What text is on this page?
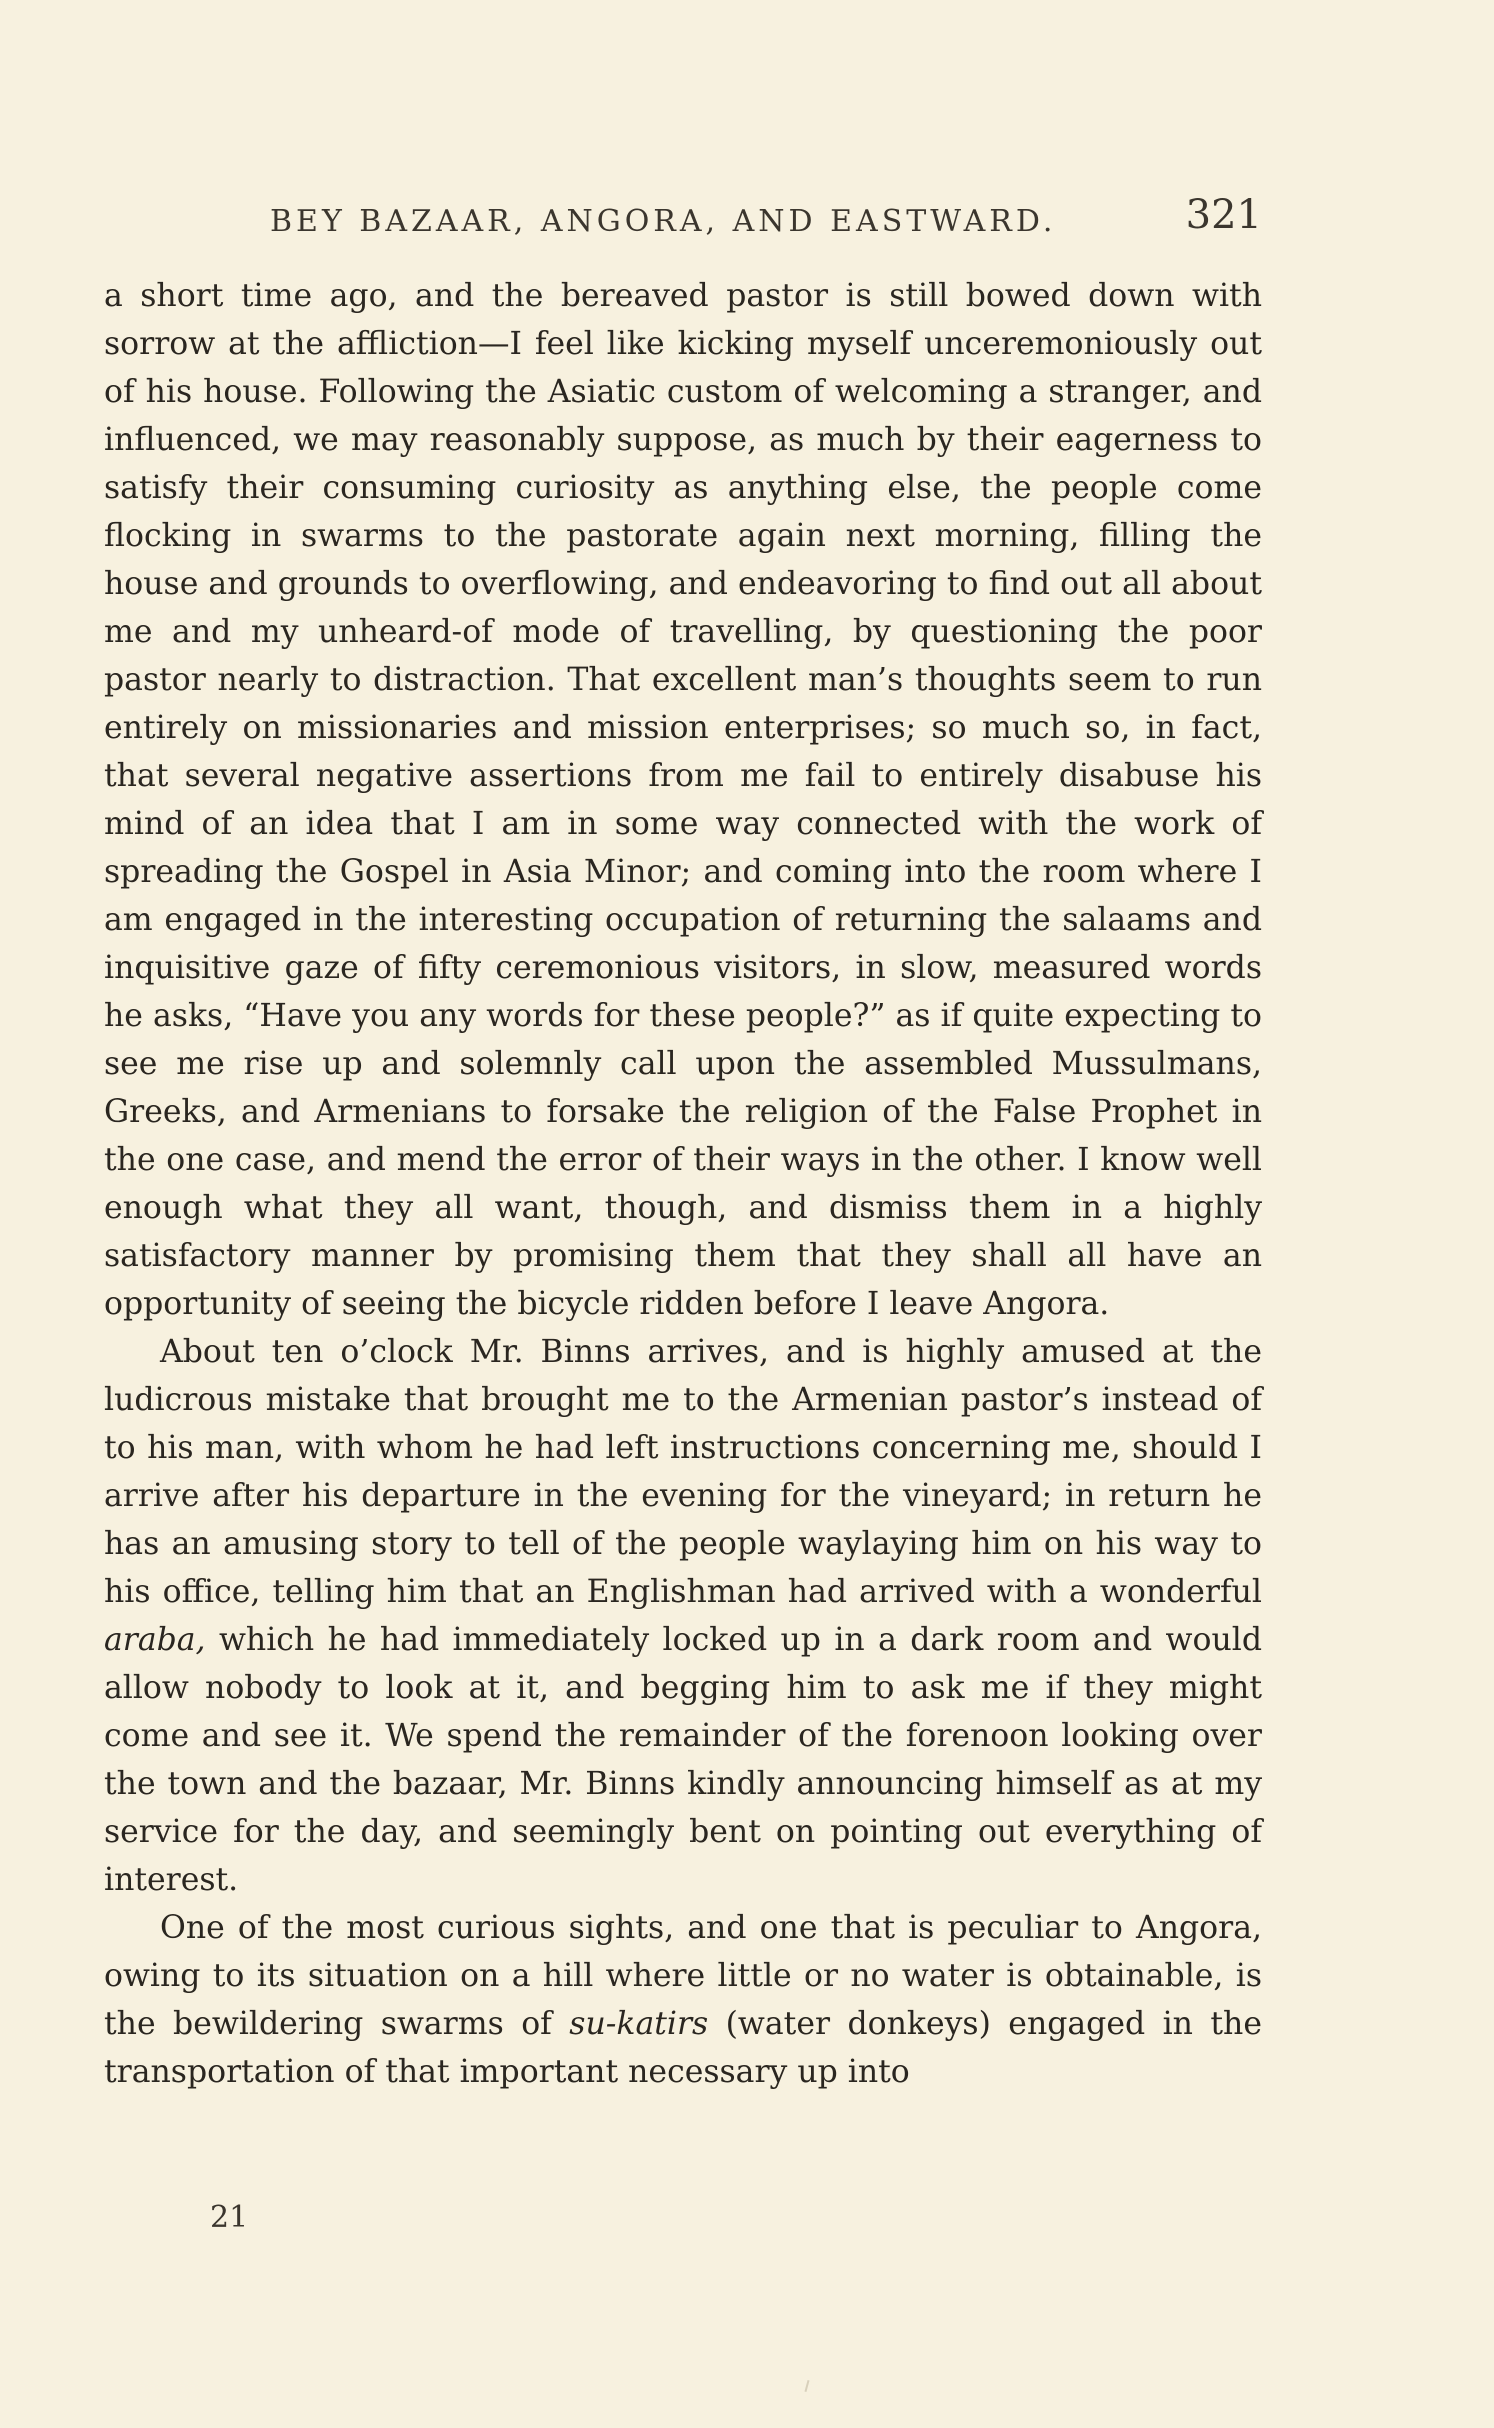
BEY BAZAAR, ANGORA, AND EASTWARD.	321

a short time ago, and the bereaved pastor is still bowed down with sorrow at the affliction—I feel like kicking myself unceremoniously out of his house. Following the Asiatic custom of welcoming a stranger, and influenced, we may reasonably suppose, as much by their eagerness to satisfy their consuming curiosity as anything else, the people come flocking in swarms to the pastorate again next morning, filling the house and grounds to overflowing, and endeavoring to find out all about me and my unheard-of mode of travelling, by questioning the poor pastor nearly to distraction. That excellent man’s thoughts seem to run entirely on missionaries and mission enterprises; so much so, in fact, that several negative assertions from me fail to entirely disabuse his mind of an idea that I am in some way connected with the work of spreading the Gospel in Asia Minor; and coming into the room where I am engaged in the interesting occupation of returning the salaams and inquisitive gaze of fifty ceremonious visitors, in slow, measured words he asks, “Have you any words for these people?” as if quite expecting to see me rise up and solemnly call upon the assembled Mussulmans, Greeks, and Armenians to forsake the religion of the False Prophet in the one case, and mend the error of their ways in the other. I know well enough what they all want, though, and dismiss them in a highly satisfactory manner by promising them that they shall all have an opportunity of seeing the bicycle ridden before I leave Angora.

About ten o’clock Mr. Binns arrives, and is highly amused at the ludicrous mistake that brought me to the Armenian pastor’s instead of to his man, with whom he had left instructions concerning me, should I arrive after his departure in the evening for the vineyard; in return he has an amusing story to tell of the people waylaying him on his way to his office, telling him that an Englishman had arrived with a wonderful araba, which he had immediately locked up in a dark room and would allow nobody to look at it, and begging him to ask me if they might come and see it. We spend the remainder of the forenoon looking over the town and the bazaar, Mr. Binns kindly announcing himself as at my service for the day, and seemingly bent on pointing out everything of interest.

One of the most curious sights, and one that is peculiar to Angora, owing to its situation on a hill where little or no water is obtainable, is the bewildering swarms of su-katirs (water donkeys) engaged in the transportation of that important necessary up into

21
